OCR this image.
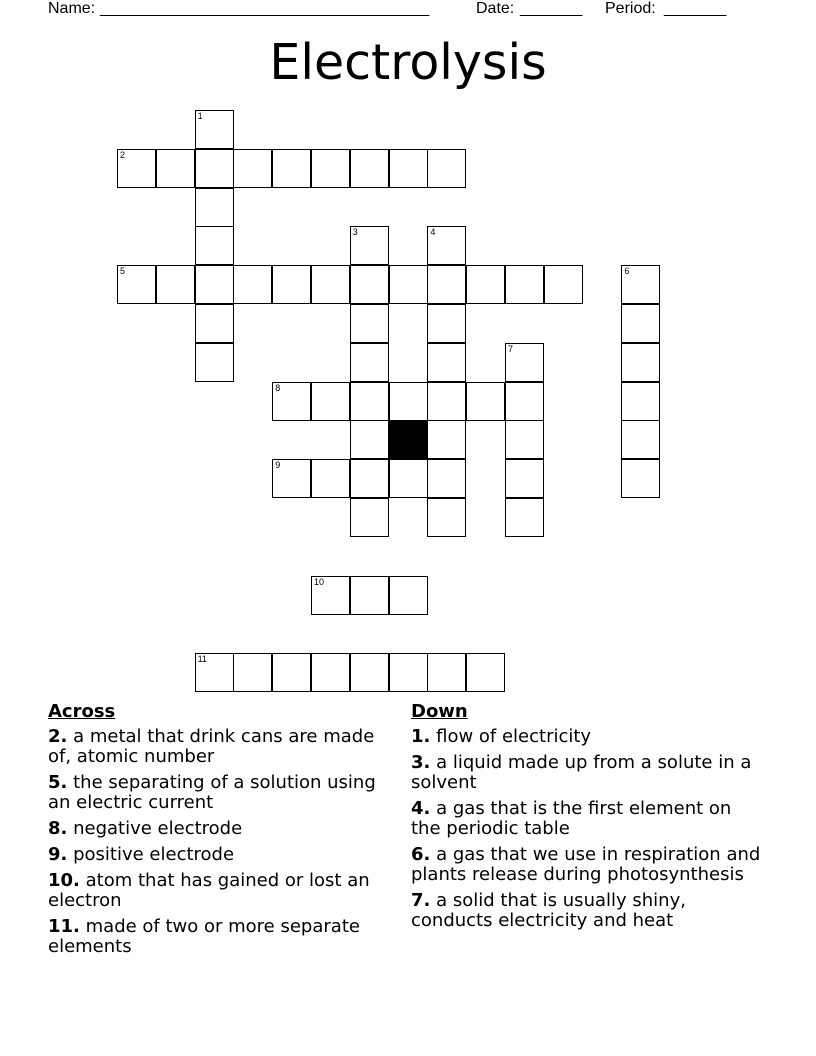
Name: _____________________________________	Date: _______ Period: _______
Electrolysis
1
2
3	4
5	6
7
8
9
10
11
Across
2. a metal that drink cans are made of, atomic number
5. the separating of a solution using an electric current
8. negative electrode
9. positive electrode
10. atom that has gained or lost an electron
11. made of two or more separate elements
Down
1. flow of electricity
3. a liquid made up from a solute in a solvent
4. a gas that is the first element on the periodic table
6. a gas that we use in respiration and plants release during photosynthesis
7. a solid that is usually shiny, conducts electricity and heat
